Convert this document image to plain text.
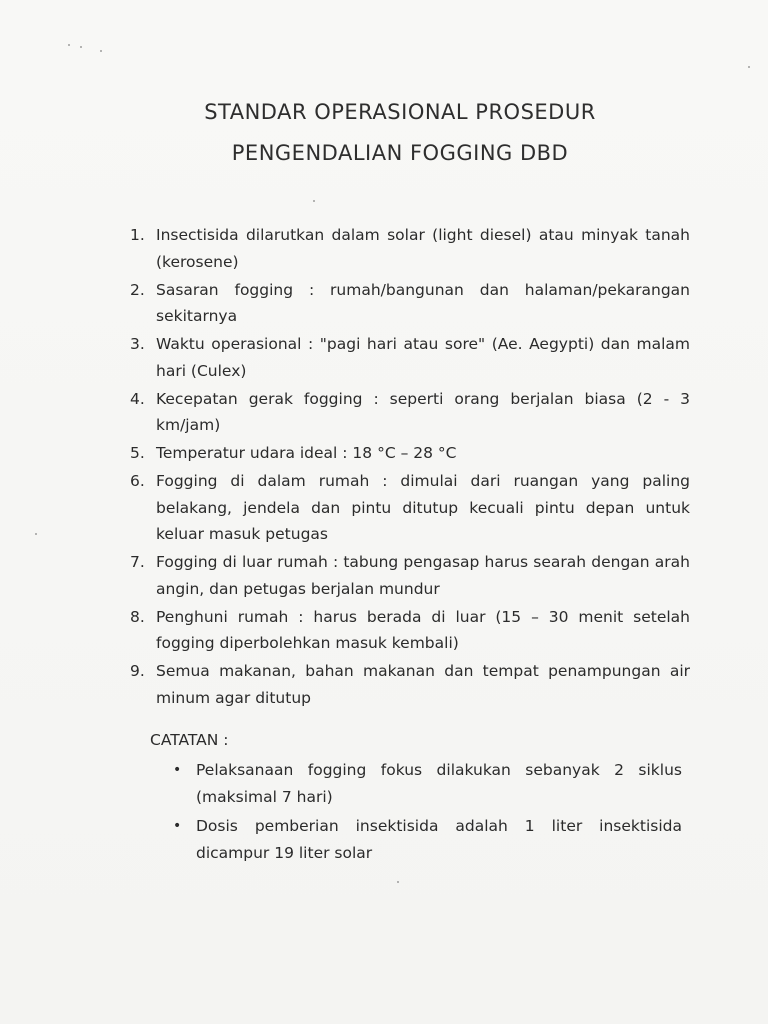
STANDAR OPERASIONAL PROSEDUR
PENGENDALIAN FOGGING DBD
1. Insectisida dilarutkan dalam solar (light diesel) atau minyak tanah (kerosene)
2. Sasaran fogging : rumah/bangunan dan halaman/pekarangan sekitarnya
3. Waktu operasional : "pagi hari atau sore" (Ae. Aegypti) dan malam hari (Culex)
4. Kecepatan gerak fogging : seperti orang berjalan biasa (2 - 3 km/jam)
5. Temperatur udara ideal : 18 °C – 28 °C
6. Fogging di dalam rumah : dimulai dari ruangan yang paling belakang, jendela dan pintu ditutup kecuali pintu depan untuk keluar masuk petugas
7. Fogging di luar rumah : tabung pengasap harus searah dengan arah angin, dan petugas berjalan mundur
8. Penghuni rumah : harus berada di luar (15 – 30 menit setelah fogging diperbolehkan masuk kembali)
9. Semua makanan, bahan makanan dan tempat penampungan air minum agar ditutup
CATATAN :
• Pelaksanaan fogging fokus dilakukan sebanyak 2 siklus (maksimal 7 hari)
• Dosis pemberian insektisida adalah 1 liter insektisida dicampur 19 liter solar
